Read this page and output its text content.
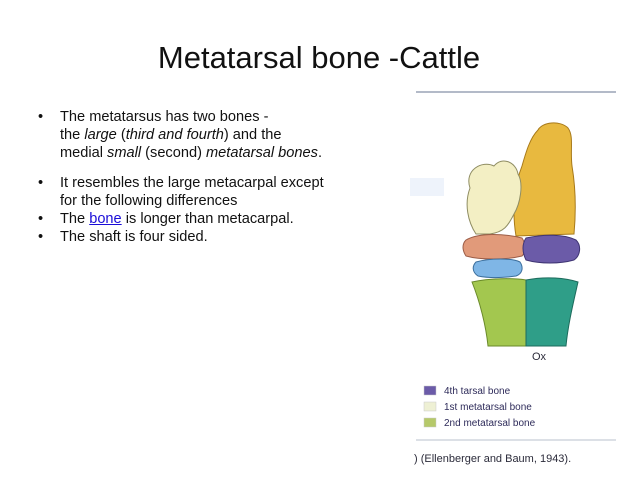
Metatarsal bone -Cattle
• The metatarsus has two bones -
the large (third and fourth) and the
medial small (second) metatarsal bones.
• It resembles the large metacarpal except
for the following differences
• The bone is longer than metacarpal.
• The shaft is four sided.
Ox
4th tarsal bone
1st metatarsal bone
2nd metatarsal bone
) (Ellenberger and Baum, 1943).
